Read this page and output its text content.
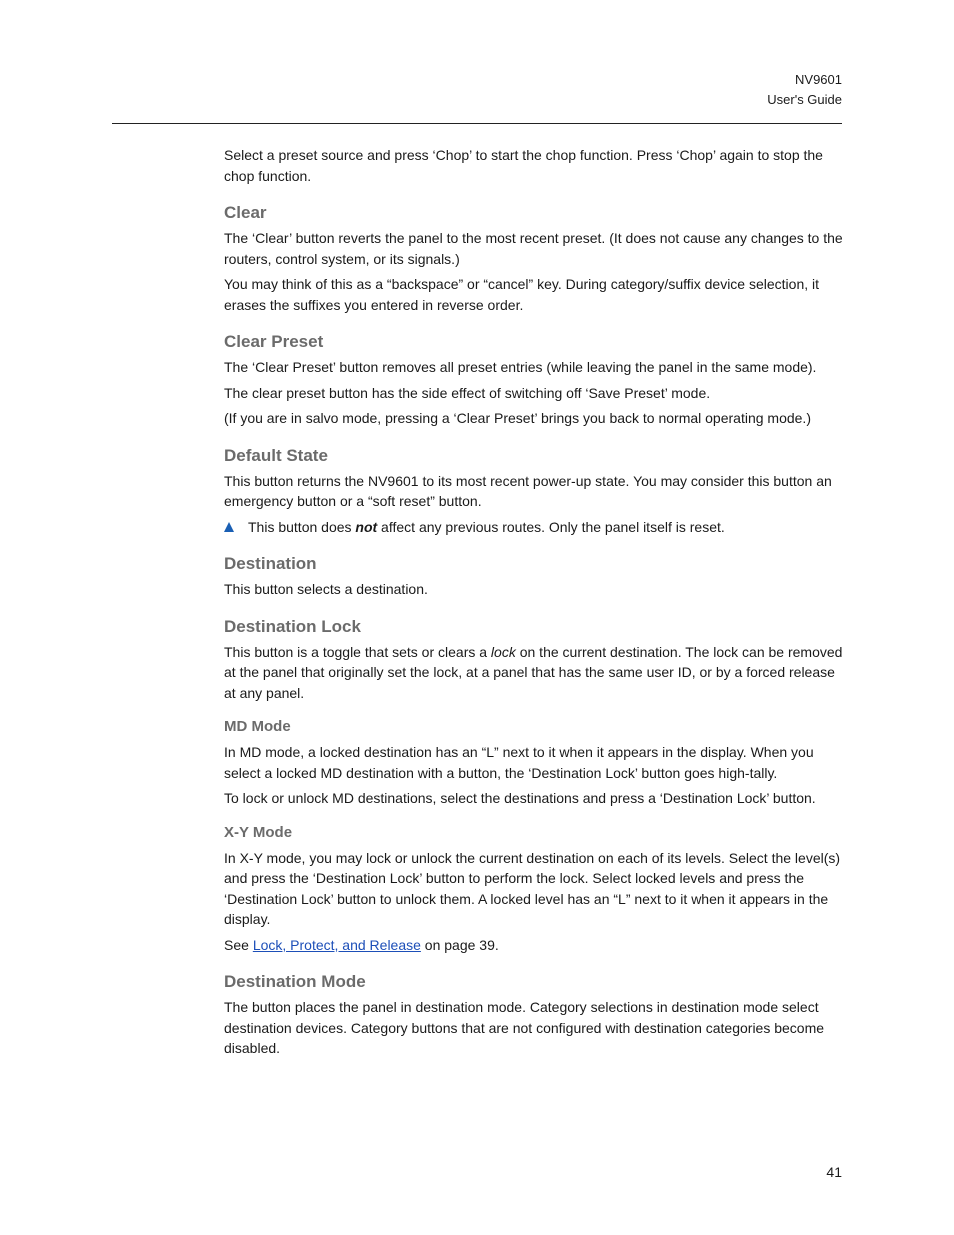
NV9601
User's Guide

Select a preset source and press ‘Chop’ to start the chop function. Press ‘Chop’ again to stop the chop function.

Clear

The ‘Clear’ button reverts the panel to the most recent preset. (It does not cause any changes to the routers, control system, or its signals.)

You may think of this as a “backspace” or “cancel” key. During category/suffix device selection, it erases the suffixes you entered in reverse order.

Clear Preset

The ‘Clear Preset’ button removes all preset entries (while leaving the panel in the same mode).

The clear preset button has the side effect of switching off ‘Save Preset’ mode.

(If you are in salvo mode, pressing a ‘Clear Preset’ brings you back to normal operating mode.)

Default State

This button returns the NV9601 to its most recent power-up state. You may consider this button an emergency button or a “soft reset” button.

This button does not affect any previous routes. Only the panel itself is reset.

Destination

This button selects a destination.

Destination Lock

This button is a toggle that sets or clears a lock on the current destination. The lock can be removed at the panel that originally set the lock, at a panel that has the same user ID, or by a forced release at any panel.

MD Mode

In MD mode, a locked destination has an “L” next to it when it appears in the display. When you select a locked MD destination with a button, the ‘Destination Lock’ button goes high-tally.

To lock or unlock MD destinations, select the destinations and press a ‘Destination Lock’ button.

X-Y Mode

In X-Y mode, you may lock or unlock the current destination on each of its levels. Select the level(s) and press the ‘Destination Lock’ button to perform the lock. Select locked levels and press the ‘Destination Lock’ button to unlock them. A locked level has an “L” next to it when it appears in the display.

See Lock, Protect, and Release on page 39.

Destination Mode

The button places the panel in destination mode. Category selections in destination mode select destination devices. Category buttons that are not configured with destination categories become disabled.

41
